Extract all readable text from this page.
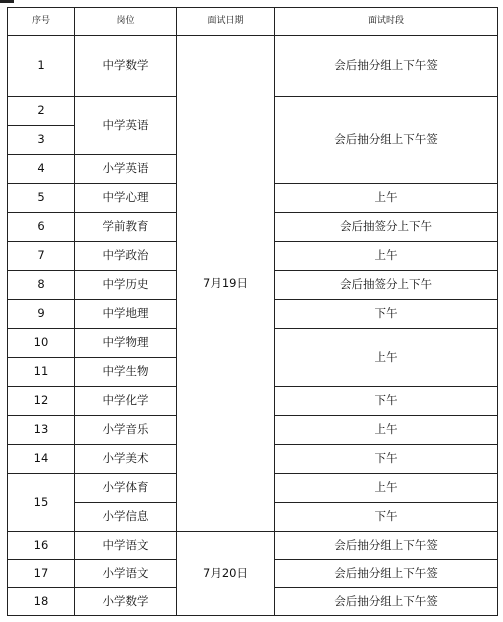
序号	岗位	面试日期	面试时段
1	中学数学	7月19日	会后抽分组上下午签
2	中学英语		会后抽分组上下午签
3			
4	小学英语		
5	中学心理		上午
6	学前教育		会后抽签分上下午
7	中学政治		上午
8	中学历史		会后抽签分上下午
9	中学地理		下午
10	中学物理		上午
11	中学生物		
12	中学化学		下午
13	小学音乐		上午
14	小学美术		下午
15	小学体育		上午
	小学信息		下午
16	中学语文	7月20日	会后抽分组上下午签
17	小学语文		会后抽分组上下午签
18	小学数学		会后抽分组上下午签
